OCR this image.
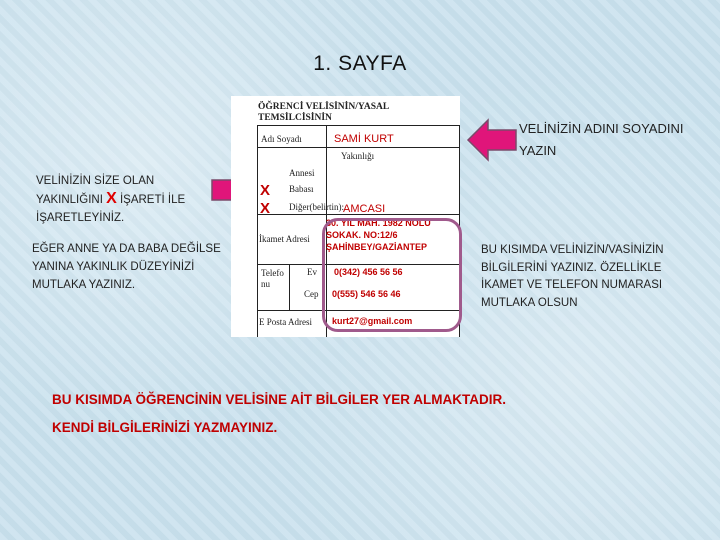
1. SAYFA
VELİNİZİN SİZE OLAN YAKINLIĞINI X İŞARETİ İLE İŞARETLEYİNİZ.
EĞER ANNE YA DA BABA DEĞİLSE YANINA YAKINLIK DÜZEYİNİZİ MUTLAKA YAZINIZ.
VELİNİZİN ADINI SOYADINI YAZIN
BU KISIMDA VELİNİZİN/VASİNİZİN BİLGİLERİNİ YAZINIZ. ÖZELLİKLE İKAMET VE TELEFON NUMARASI MUTLAKA OLSUN
ÖĞRENCİ VELİSİNİN/YASAL
TEMSİLCİSİNİN
Adı Soyadı
Yakınlığı
Annesi
Babası
Diğer(belirtin):
İkamet Adresi
Telefo nu
Ev
Cep
E Posta Adresi
X
X
SAMİ KURT
AMCASI
30. YIL MAH. 1982 NOLU
SOKAK. NO:12/6
ŞAHİNBEY/GAZİANTEP
0(342) 456 56 56
0(555) 546 56 46
kurt27@gmail.com
BU KISIMDA ÖĞRENCİNİN VELİSİNE AİT BİLGİLER YER ALMAKTADIR.
KENDİ BİLGİLERİNİZİ YAZMAYINIZ.
